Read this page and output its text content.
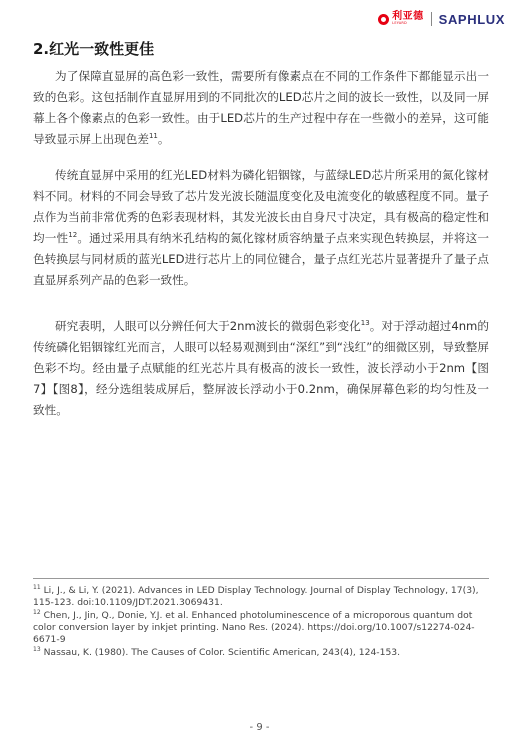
利亚德
LEYARD	SAPHLUX
2.红光一致性更佳

为了保障直显屏的高色彩一致性，需要所有像素点在不同的工作条件下都能显示出一致的色彩。这包括制作直显屏用到的不同批次的LED芯片之间的波长一致性，以及同一屏幕上各个像素点的色彩一致性。由于LED芯片的生产过程中存在一些微小的差异，这可能导致显示屏上出现色差$^{11}$。

传统直显屏中采用的红光LED材料为磷化铝铟镓，与蓝绿LED芯片所采用的氮化镓材料不同。材料的不同会导致了芯片发光波长随温度变化及电流变化的敏感程度不同。量子点作为当前非常优秀的色彩表现材料，其发光波长由自身尺寸决定，具有极高的稳定性和均一性$^{12}$。通过采用具有纳米孔结构的氮化镓材质容纳量子点来实现色转换层，并将这一色转换层与同材质的蓝光LED进行芯片上的同位键合，量子点红光芯片显著提升了量子点直显屏系列产品的色彩一致性。

研究表明，人眼可以分辨任何大于2nm波长的微弱色彩变化$^{13}$。对于浮动超过4nm的传统磷化铝铟镓红光而言，人眼可以轻易观测到由“深红”到“浅红”的细微区别，导致整屏色彩不均。经由量子点赋能的红光芯片具有极高的波长一致性，波长浮动小于2nm【图7】【图8】，经分选组装成屏后，整屏波长浮动小于0.2nm，确保屏幕色彩的均匀性及一致性。

$^{11}$ Li, J., & Li, Y. (2021). Advances in LED Display Technology. Journal of Display Technology, 17(3), 115-123. doi:10.1109/JDT.2021.3069431.

$^{12}$ Chen, J., Jin, Q., Donie, Y.J. et al. Enhanced photoluminescence of a microporous quantum dot color conversion layer by inkjet printing. Nano Res. (2024). https://doi.org/10.1007/s12274-024-6671-9

$^{13}$ Nassau, K. (1980). The Causes of Color. Scientific American, 243(4), 124-153.

- 9 -
